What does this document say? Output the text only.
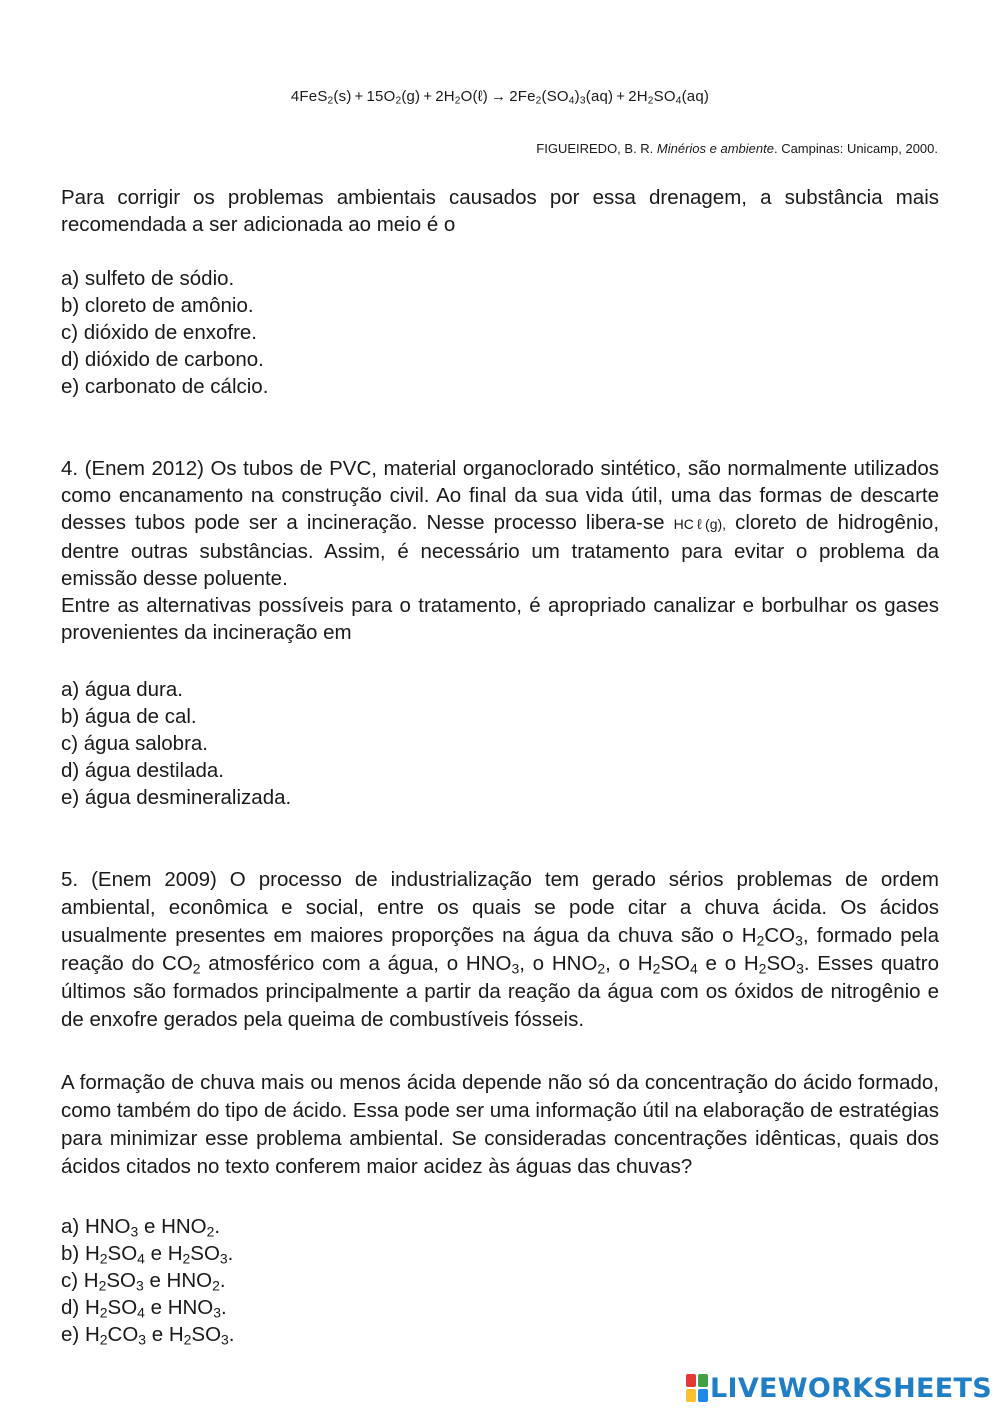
$4FeS_2(s) + 15O_2(g)$ + $2H_2O(\ell) \to 2Fe_2(SO_4)_3(aq) + 2H_2SO_4(aq)$
FIGUEIREDO, B. R. Minérios e ambiente. Campinas: Unicamp, 2000.
Para corrigir os problemas ambientais causados por essa drenagem, a substância mais recomendada a ser adicionada ao meio é o
a) sulfeto de sódio.
b) cloreto de amônio.
c) dióxido de enxofre.
d) dióxido de carbono.
e) carbonato de cálcio.
4. (Enem 2012) Os tubos de PVC, material organoclorado sintético, são normalmente utilizados como encanamento na construção civil. Ao final da sua vida útil, uma das formas de descarte desses tubos pode ser a incineração. Nesse processo libera-se HCℓ(g), cloreto de hidrogênio, dentre outras substâncias. Assim, é necessário um tratamento para evitar o problema da emissão desse poluente.
Entre as alternativas possíveis para o tratamento, é apropriado canalizar e borbulhar os gases provenientes da incineração em
a) água dura.
b) água de cal.
c) água salobra.
d) água destilada.
e) água desmineralizada.
5. (Enem 2009) O processo de industrialização tem gerado sérios problemas de ordem ambiental, econômica e social, entre os quais se pode citar a chuva ácida. Os ácidos usualmente presentes em maiores proporções na água da chuva são o $H_2CO_3$, formado pela reação do $CO_2$ atmosférico com a água, o $HNO_3$, o $HNO_2$, o $H_2SO_4$ e o $H_2SO_3$. Esses quatro últimos são formados principalmente a partir da reação da água com os óxidos de nitrogênio e de enxofre gerados pela queima de combustíveis fósseis.
A formação de chuva mais ou menos ácida depende não só da concentração do ácido formado, como também do tipo de ácido. Essa pode ser uma informação útil na elaboração de estratégias para minimizar esse problema ambiental. Se consideradas concentrações idênticas, quais dos ácidos citados no texto conferem maior acidez às águas das chuvas?
a) $HNO_3$ e $HNO_2$.
b) $H_2SO_4$ e $H_2SO_3$.
c) $H_2SO_3$ e $HNO_2$.
d) $H_2SO_4$ e $HNO_3$.
e) $H_2CO_3$ e $H_2SO_3$.
LIVEWORKSHEETS
